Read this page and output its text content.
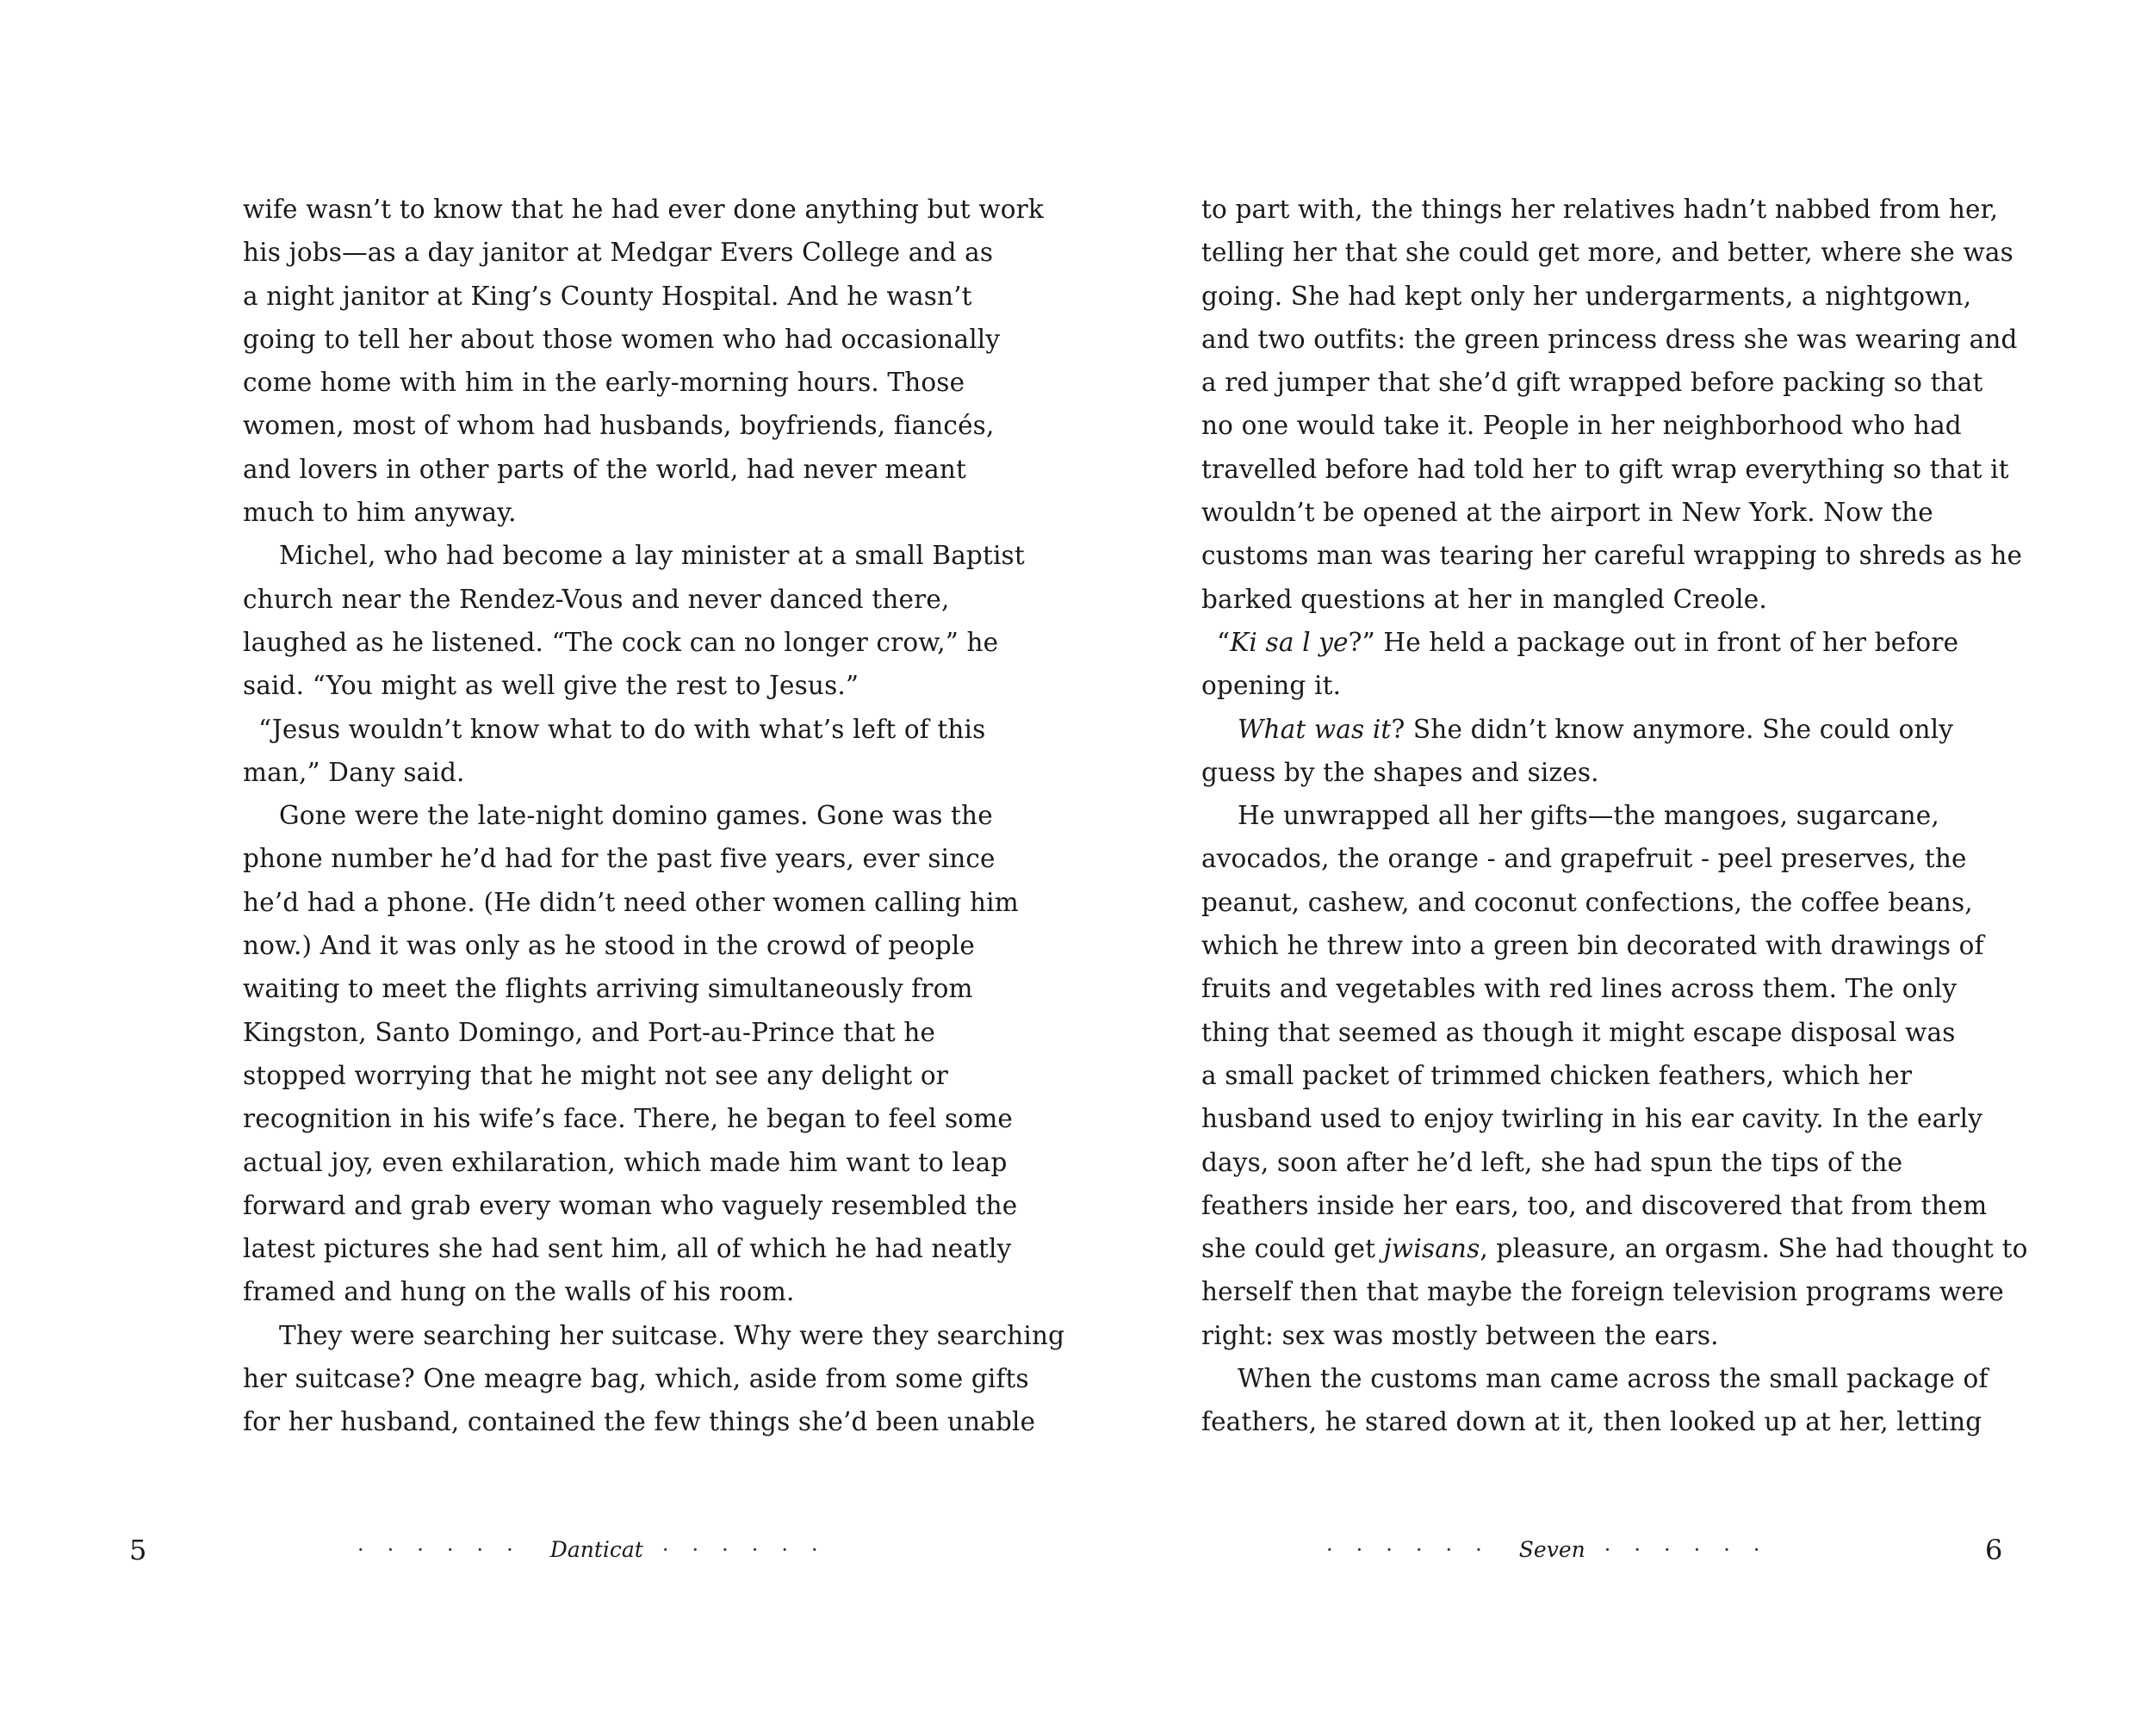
wife wasn’t to know that he had ever done anything but work
his jobs—as a day janitor at Medgar Evers College and as
a night janitor at King’s County Hospital. And he wasn’t
going to tell her about those women who had occasionally
come home with him in the early-morning hours. Those
women, most of whom had husbands, boyfriends, fiancés,
and lovers in other parts of the world, had never meant
much to him anyway.
Michel, who had become a lay minister at a small Baptist
church near the Rendez-Vous and never danced there,
laughed as he listened. “The cock can no longer crow,” he
said. “You might as well give the rest to Jesus.”
“Jesus wouldn’t know what to do with what’s left of this
man,” Dany said.
Gone were the late-night domino games. Gone was the
phone number he’d had for the past five years, ever since
he’d had a phone. (He didn’t need other women calling him
now.) And it was only as he stood in the crowd of people
waiting to meet the flights arriving simultaneously from
Kingston, Santo Domingo, and Port-au-Prince that he
stopped worrying that he might not see any delight or
recognition in his wife’s face. There, he began to feel some
actual joy, even exhilaration, which made him want to leap
forward and grab every woman who vaguely resembled the
latest pictures she had sent him, all of which he had neatly
framed and hung on the walls of his room.
They were searching her suitcase. Why were they searching
her suitcase? One meagre bag, which, aside from some gifts
for her husband, contained the few things she’d been unable
5	······ Danticat ······
to part with, the things her relatives hadn’t nabbed from her,
telling her that she could get more, and better, where she was
going. She had kept only her undergarments, a nightgown,
and two outfits: the green princess dress she was wearing and
a red jumper that she’d gift wrapped before packing so that
no one would take it. People in her neighborhood who had
travelled before had told her to gift wrap everything so that it
wouldn’t be opened at the airport in New York. Now the
customs man was tearing her careful wrapping to shreds as he
barked questions at her in mangled Creole.
“Ki sa l ye?” He held a package out in front of her before
opening it.
What was it? She didn’t know anymore. She could only
guess by the shapes and sizes.
He unwrapped all her gifts—the mangoes, sugarcane,
avocados, the orange - and grapefruit - peel preserves, the
peanut, cashew, and coconut confections, the coffee beans,
which he threw into a green bin decorated with drawings of
fruits and vegetables with red lines across them. The only
thing that seemed as though it might escape disposal was
a small packet of trimmed chicken feathers, which her
husband used to enjoy twirling in his ear cavity. In the early
days, soon after he’d left, she had spun the tips of the
feathers inside her ears, too, and discovered that from them
she could get jwisans, pleasure, an orgasm. She had thought to
herself then that maybe the foreign television programs were
right: sex was mostly between the ears.
When the customs man came across the small package of
feathers, he stared down at it, then looked up at her, letting
······ Seven ······	6
